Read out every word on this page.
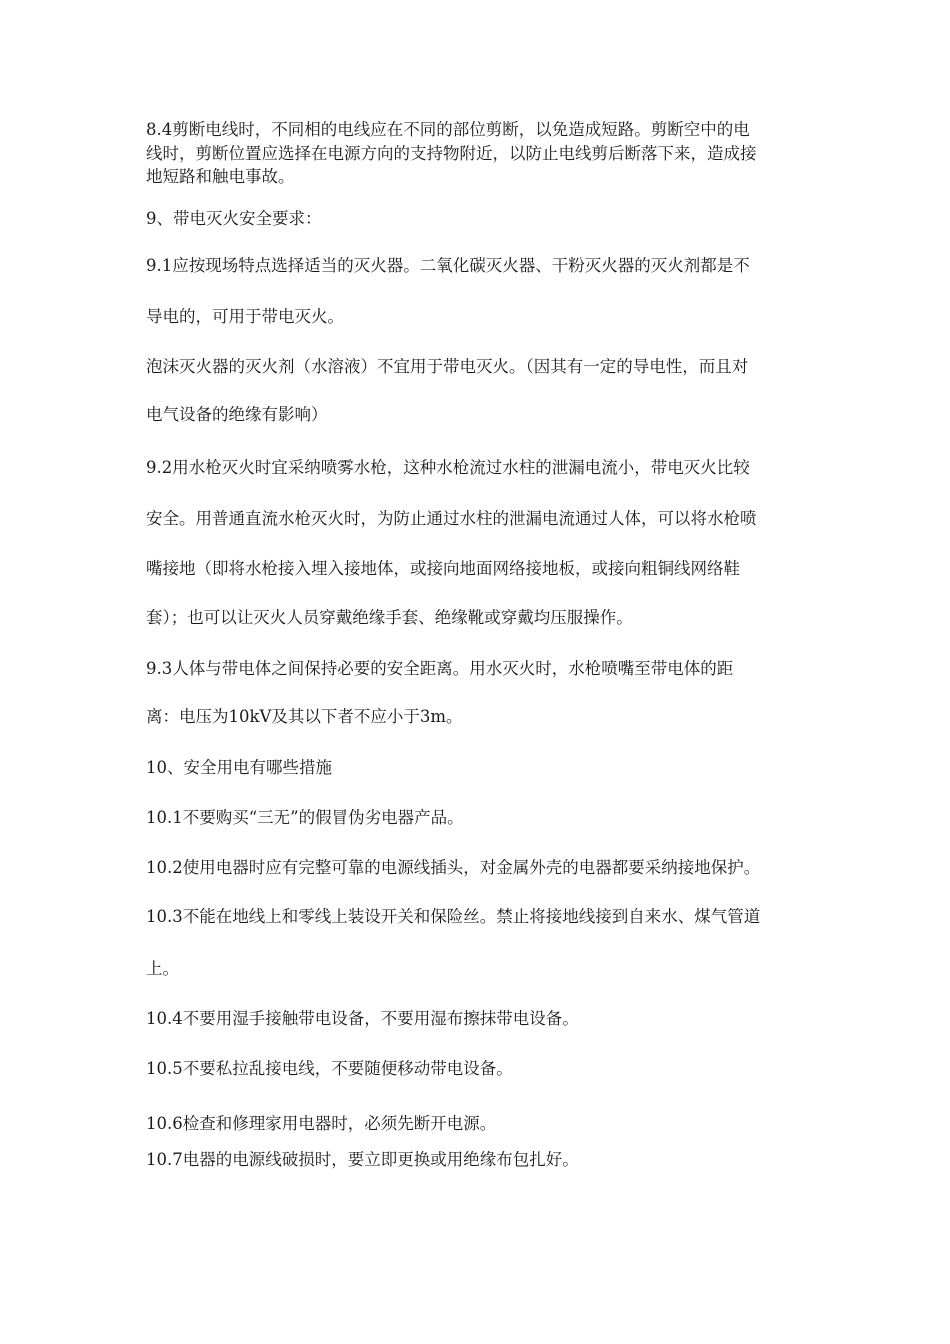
8.4剪断电线时，不同相的电线应在不同的部位剪断，以免造成短路。剪断空中的电
线时，剪断位置应选择在电源方向的支持物附近，以防止电线剪后断落下来，造成接
地短路和触电事故。
9、带电灭火安全要求：
9.1应按现场特点选择适当的灭火器。二氧化碳灭火器、干粉灭火器的灭火剂都是不
导电的，可用于带电灭火。
泡沫灭火器的灭火剂（水溶液）不宜用于带电灭火。（因其有一定的导电性，而且对
电气设备的绝缘有影响）
9.2用水枪灭火时宜采纳喷雾水枪，这种水枪流过水柱的泄漏电流小，带电灭火比较
安全。用普通直流水枪灭火时，为防止通过水柱的泄漏电流通过人体，可以将水枪喷
嘴接地（即将水枪接入埋入接地体，或接向地面网络接地板，或接向粗铜线网络鞋
套）；也可以让灭火人员穿戴绝缘手套、绝缘靴或穿戴均压服操作。
9.3人体与带电体之间保持必要的安全距离。用水灭火时，水枪喷嘴至带电体的距
离：电压为10kV及其以下者不应小于3m。
10、安全用电有哪些措施
10.1不要购买“三无”的假冒伪劣电器产品。
10.2使用电器时应有完整可靠的电源线插头，对金属外壳的电器都要采纳接地保护。
10.3不能在地线上和零线上装设开关和保险丝。禁止将接地线接到自来水、煤气管道
上。
10.4不要用湿手接触带电设备，不要用湿布擦抹带电设备。
10.5不要私拉乱接电线，不要随便移动带电设备。
10.6检查和修理家用电器时，必须先断开电源。
10.7电器的电源线破损时，要立即更换或用绝缘布包扎好。
